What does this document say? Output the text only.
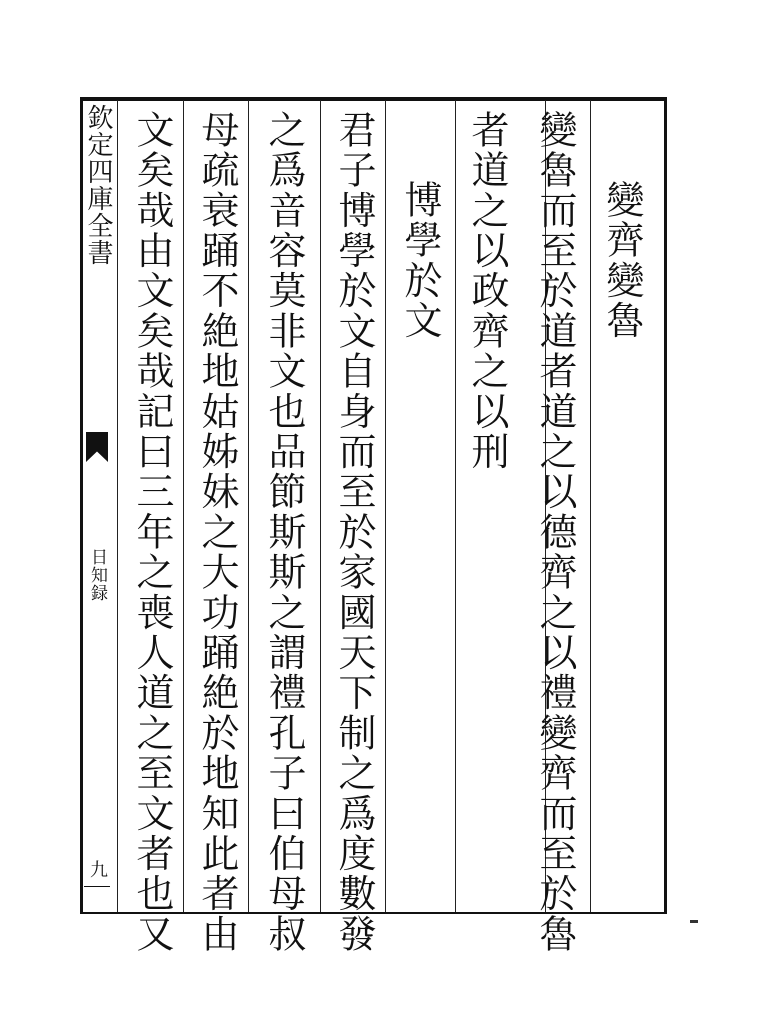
變齊變魯
變魯而至於道者道之以德齊之以禮變齊而至於魯
者道之以政齊之以刑
博學於文
君子博學於文自身而至於家國天下制之爲度數發
之爲音容莫非文也品節斯斯之謂禮孔子曰伯母叔
母疏衰踊不絶地姑姊妹之大功踊絶於地知此者由
文矣哉由文矣哉記曰三年之喪人道之至文者也又
欽定四庫全書
日知録
九
